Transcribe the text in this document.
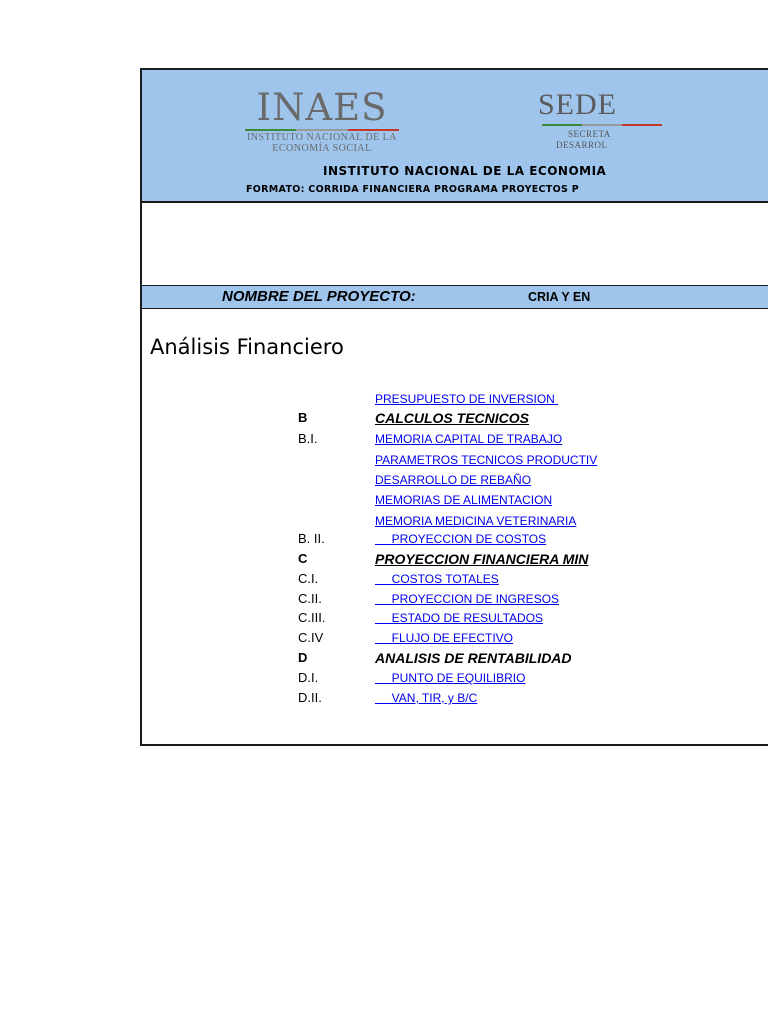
INAES
INSTITUTO NACIONAL DE LA
ECONOMÍA SOCIAL
SEDE
SECRETA
DESARROL
INSTITUTO NACIONAL DE LA ECONOMIA
FORMATO: CORRIDA FINANCIERA PROGRAMA PROYECTOS P
NOMBRE DEL PROYECTO:	CRIA Y EN
Análisis Financiero
PRESUPUESTO DE INVERSION
B	CALCULOS TECNICOS
B.I.	MEMORIA CAPITAL DE TRABAJO
PARAMETROS TECNICOS PRODUCTIV
DESARROLLO DE REBAÑO
MEMORIAS DE ALIMENTACION
MEMORIA MEDICINA VETERINARIA
B. II.	PROYECCION DE COSTOS
C	PROYECCION FINANCIERA MIN
C.I.	COSTOS TOTALES
C.II.	PROYECCION DE INGRESOS
C.III.	ESTADO DE RESULTADOS
C.IV	FLUJO DE EFECTIVO
D	ANALISIS DE RENTABILIDAD
D.I.	PUNTO DE EQUILIBRIO
D.II.	VAN, TIR, y B/C
